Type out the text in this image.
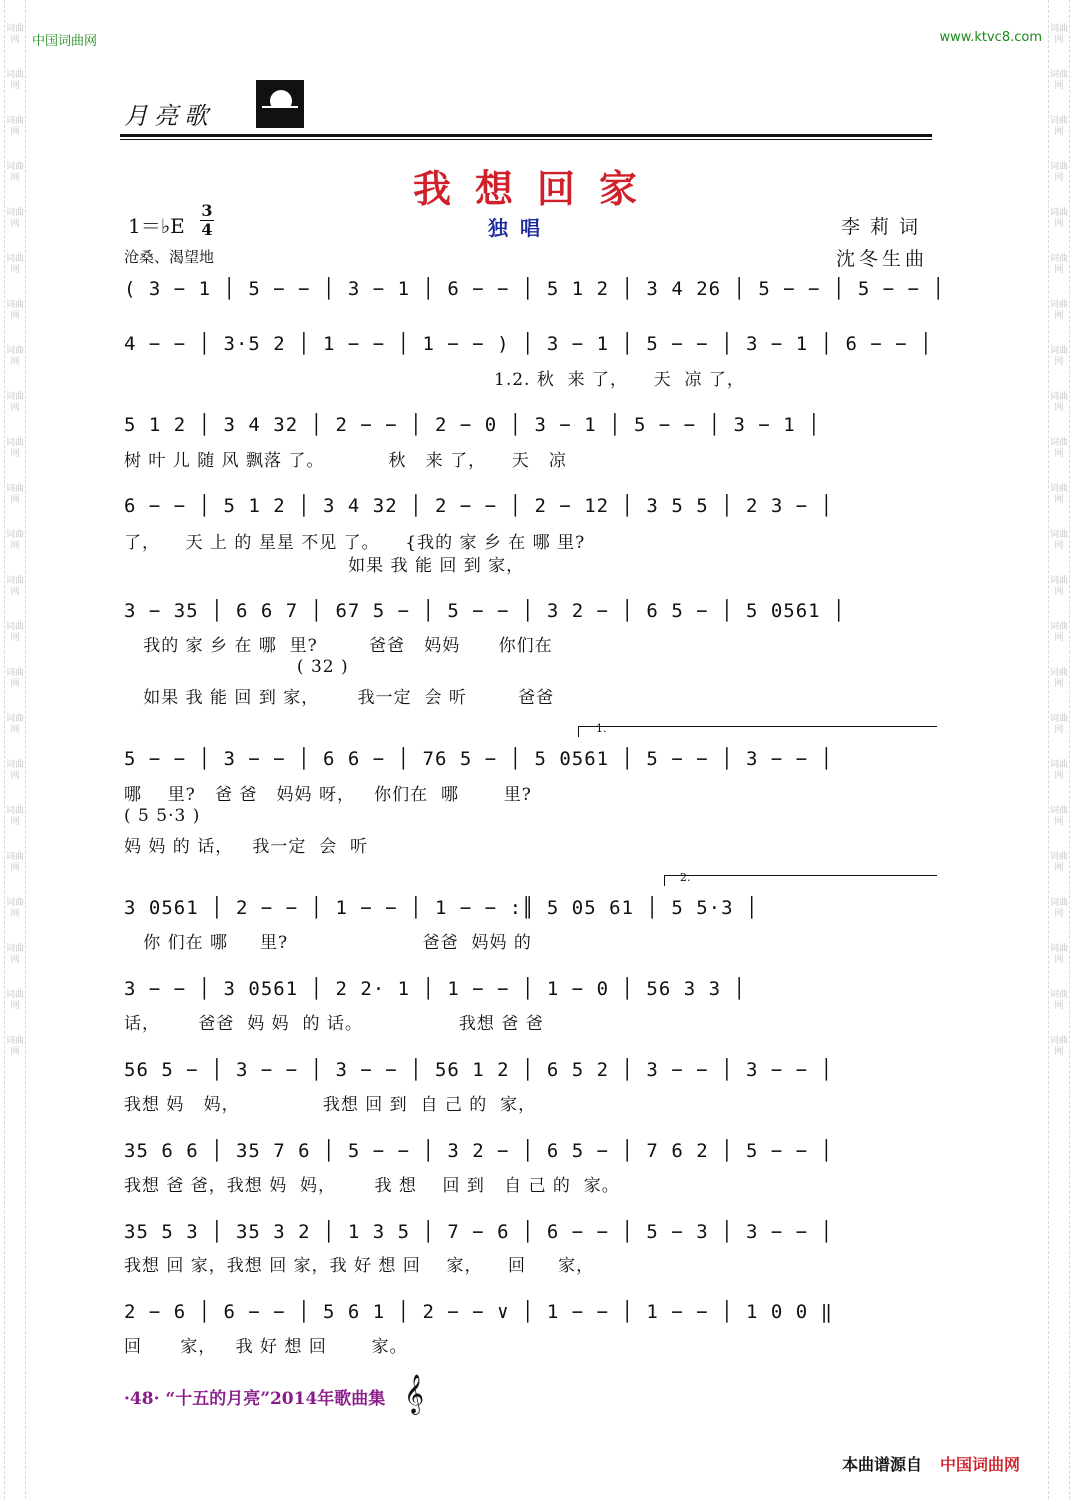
词曲网
词曲网
词曲网
词曲网
词曲网
词曲网
词曲网
词曲网
词曲网
词曲网
词曲网
词曲网
词曲网
词曲网
词曲网
词曲网
词曲网
词曲网
词曲网
词曲网
词曲网
词曲网
词曲网
词曲网
词曲网
词曲网
词曲网
词曲网
词曲网
词曲网
词曲网
词曲网
词曲网
词曲网
词曲网
词曲网
词曲网
词曲网
词曲网
词曲网
词曲网
词曲网
词曲网
词曲网
词曲网
词曲网
中国词曲网	www.ktvc8.com
月亮歌
我想回家
1＝♭E
3
4	独唱	李莉词
沧桑、渴望地	沈冬生曲
( 3 − 1 │ 5 − − │ 3 − 1 │ 6 − − │ 5 1 2 │ 3 4 26 │ 5 − − │ 5 − − │
4 − − │ 3·5 2 │ 1 − − │ 1 − − ) │ 3 − 1 │ 5 − − │ 3 − 1 │ 6 − − │
1.2. 秋  来 了，    天  凉 了，
5 1 2 │ 3 4 32 │ 2 − − │ 2 − 0 │ 3 − 1 │ 5 − − │ 3 − 1 │
树 叶 儿 随 风 飘落 了。          秋   来 了，    天   凉
6 − − │ 5 1 2 │ 3 4 32 │ 2 − − │ 2 − 12 │ 3 5 5 │ 2 3 − │
了，    天 上 的 星星 不见 了。    {我的 家 乡 在 哪 里?
如果 我 能 回 到 家，
3 − 35 │ 6 6 7 │ 67 5 − │ 5 − − │ 3 2 − │ 6 5 − │ 5 0561 │
我的 家 乡 在 哪  里?        爸爸   妈妈      你们在
( 32 )
如果 我 能 回 到 家，      我一定  会 听        爸爸
1.
5 − − │ 3 − − │ 6 6 − │ 76 5 − │ 5 0561 │ 5 − − │ 3 − − │
哪    里?   爸 爸   妈妈 呀，   你们在  哪       里?
( 5 5·3 )
妈 妈 的 话，   我一定  会  听
2.
3 0561 │ 2 − − │ 1 − − │ 1 − − :║ 5 05 61 │ 5 5·3 │
你 们在 哪     里?                     爸爸  妈妈 的
3 − − │ 3 0561 │ 2 2· 1 │ 1 − − │ 1 − 0 │ 56 3 3 │
话，      爸爸  妈 妈  的 话。               我想 爸 爸
56 5 − │ 3 − − │ 3 − − │ 56 1 2 │ 6 5 2 │ 3 − − │ 3 − − │
我想 妈   妈，             我想 回 到  自 己 的  家，
35 6 6 │ 35 7 6 │ 5 − − │ 3 2 − │ 6 5 − │ 7 6 2 │ 5 − − │
我想 爸 爸，我想 妈  妈，      我 想    回 到   自 己 的  家。
35 5 3 │ 35 3 2 │ 1 3 5 │ 7 − 6 │ 6 − − │ 5 − 3 │ 3 − − │
我想 回 家，我想 回 家，我 好 想 回    家，    回     家，
2 − 6 │ 6 − − │ 5 6 1 │ 2 − − ∨ │ 1 − − │ 1 − − │ 1 0 0 ‖
回      家，   我 好 想 回       家。
·48· “十五的月亮”2014年歌曲集 𝄞
本曲谱源自 中国词曲网
